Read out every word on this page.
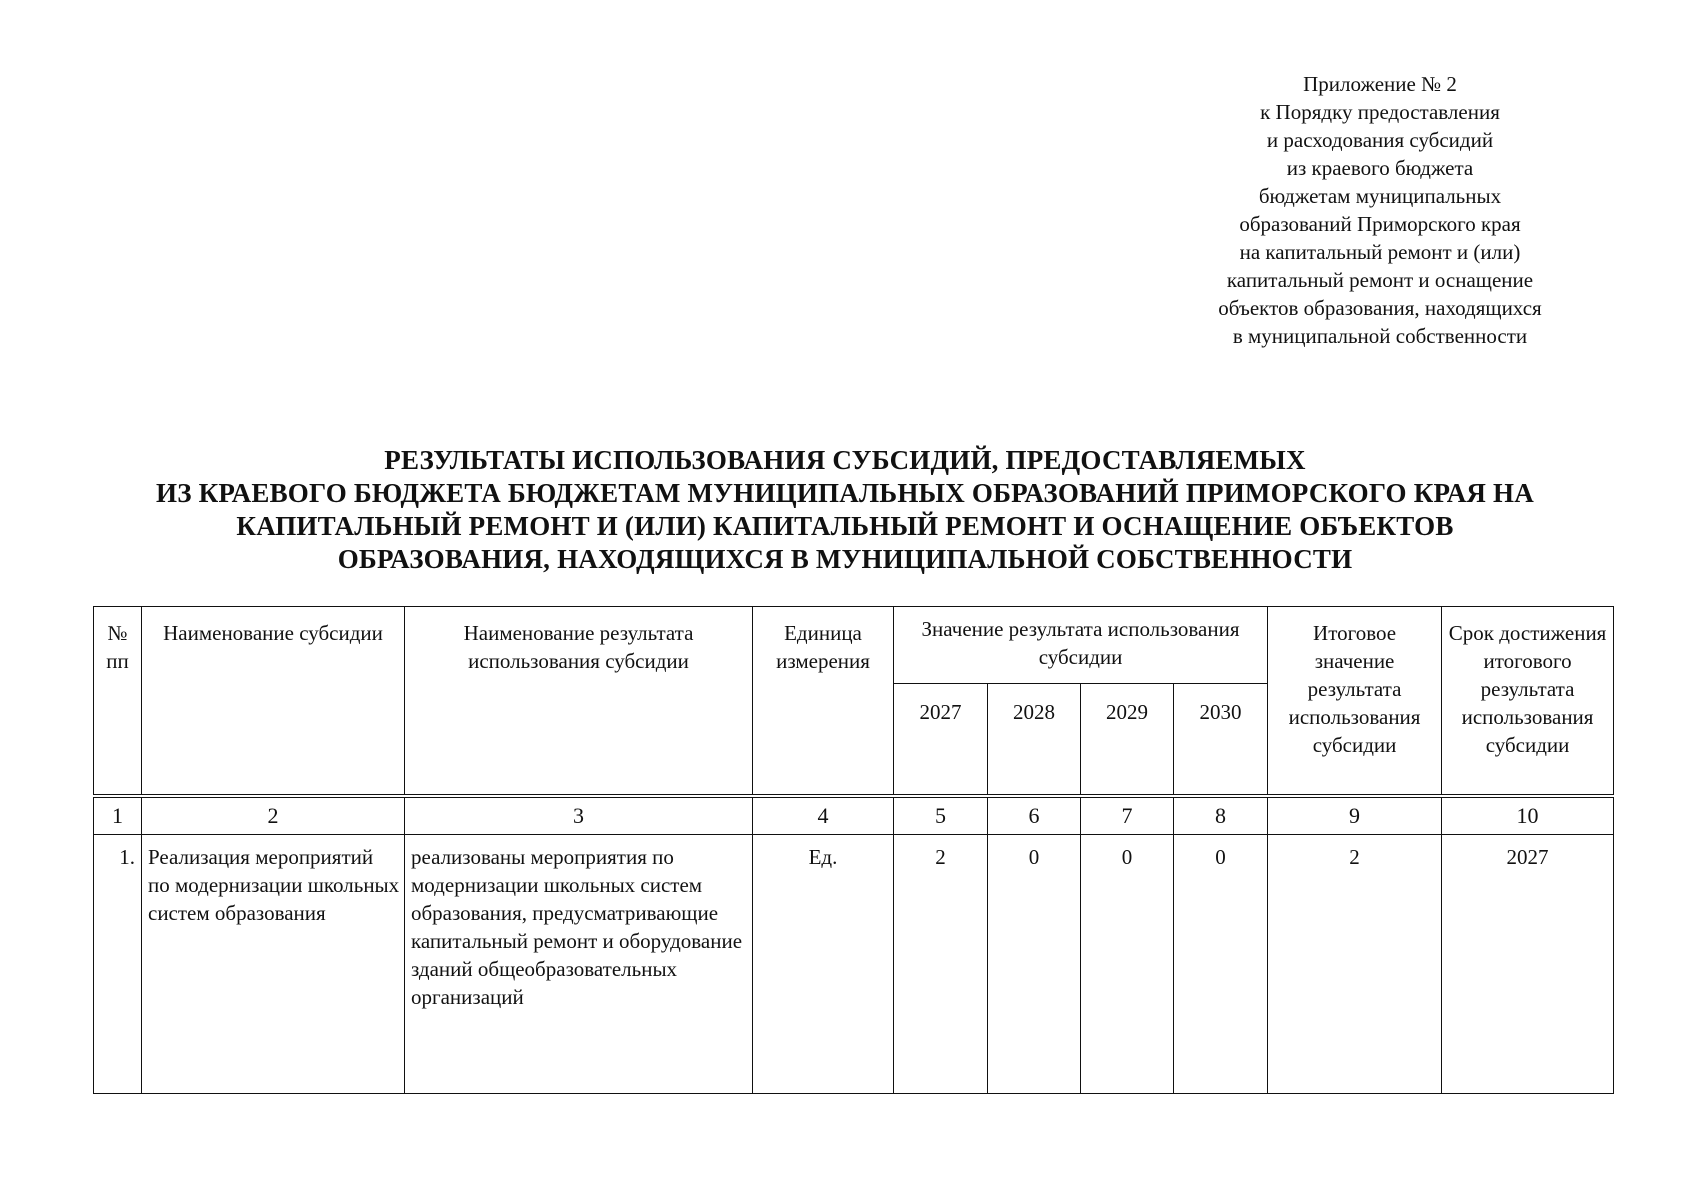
Приложение № 2
к Порядку предоставления
и расходования субсидий
из краевого бюджета
бюджетам муниципальных
образований Приморского края
на капитальный ремонт и (или)
капитальный ремонт и оснащение
объектов образования, находящихся
в муниципальной собственности
РЕЗУЛЬТАТЫ ИСПОЛЬЗОВАНИЯ СУБСИДИЙ, ПРЕДОСТАВЛЯЕМЫХ
ИЗ КРАЕВОГО БЮДЖЕТА БЮДЖЕТАМ МУНИЦИПАЛЬНЫХ ОБРАЗОВАНИЙ ПРИМОРСКОГО КРАЯ НА
КАПИТАЛЬНЫЙ РЕМОНТ И (ИЛИ) КАПИТАЛЬНЫЙ РЕМОНТ И ОСНАЩЕНИЕ ОБЪЕКТОВ
ОБРАЗОВАНИЯ, НАХОДЯЩИХСЯ В МУНИЦИПАЛЬНОЙ СОБСТВЕННОСТИ
№ пп	Наименование субсидии	Наименование результата использования субсидии	Единица измерения	Значение результата использования субсидии				Итоговое значение результата использования субсидии	Срок достижения итогового результата использования субсидии
				2027	2028	2029	2030		
1	2	3	4	5	6	7	8	9	10
1.	Реализация мероприятий по модернизации школьных систем образования	реализованы мероприятия по модернизации школьных систем образования, предусматривающие капитальный ремонт и оборудование зданий общеобразовательных организаций	Ед.	2	0	0	0	2	2027
